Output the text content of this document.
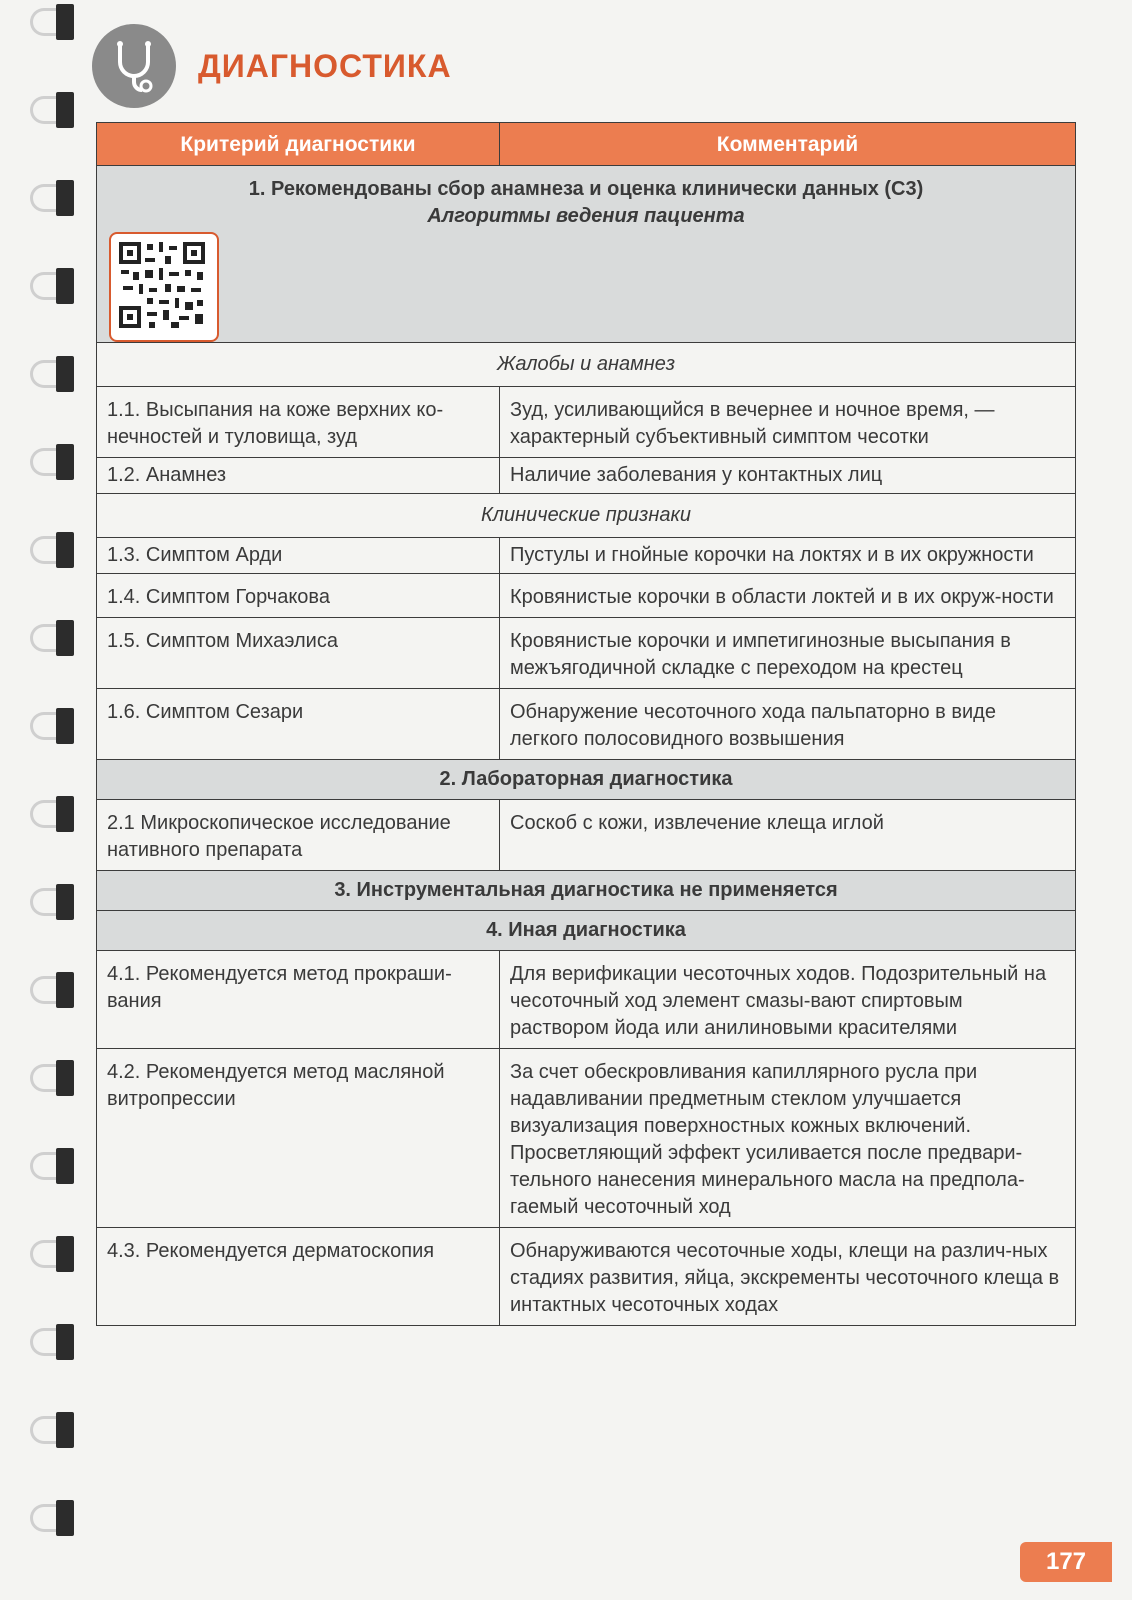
ДИАГНОСТИКА
Критерий диагностики	Комментарий

1. Рекомендованы сбор анамнеза и оценка клинически данных (С3)
Алгоритмы ведения пациента	

Жалобы и анамнез	
1.1. Высыпания на коже верхних ко-нечностей и туловища, зуд	Зуд, усиливающийся в вечернее и ночное время, — характерный субъективный симптом чесотки
1.2. Анамнез	Наличие заболевания у контактных лиц
Клинические признаки	
1.3. Симптом Арди	Пустулы и гнойные корочки на локтях и в их окружности
1.4. Симптом Горчакова	Кровянистые корочки в области локтей и в их окруж-ности
1.5. Симптом Михаэлиса	Кровянистые корочки и импетигинозные высыпания в межъягодичной складке с переходом на крестец
1.6. Симптом Сезари	Обнаружение чесоточного хода пальпаторно в виде легкого полосовидного возвышения
2. Лабораторная диагностика	
2.1 Микроскопическое исследование нативного препарата	Соскоб с кожи, извлечение клеща иглой
3. Инструментальная диагностика не применяется	
4. Иная диагностика	
4.1. Рекомендуется метод прокраши-вания	Для верификации чесоточных ходов. Подозрительный на чесоточный ход элемент смазы-вают спиртовым раствором йода или анилиновыми красителями
4.2. Рекомендуется метод масляной витропрессии	За счет обескровливания капиллярного русла при надавливании предметным стеклом улучшается визуализация поверхностных кожных включений. Просветляющий эффект усиливается после предвари-тельного нанесения минерального масла на предпола-гаемый чесоточный ход
4.3. Рекомендуется дерматоскопия	Обнаруживаются чесоточные ходы, клещи на различ-ных стадиях развития, яйца, экскременты чесоточного клеща в интактных чесоточных ходах
177
